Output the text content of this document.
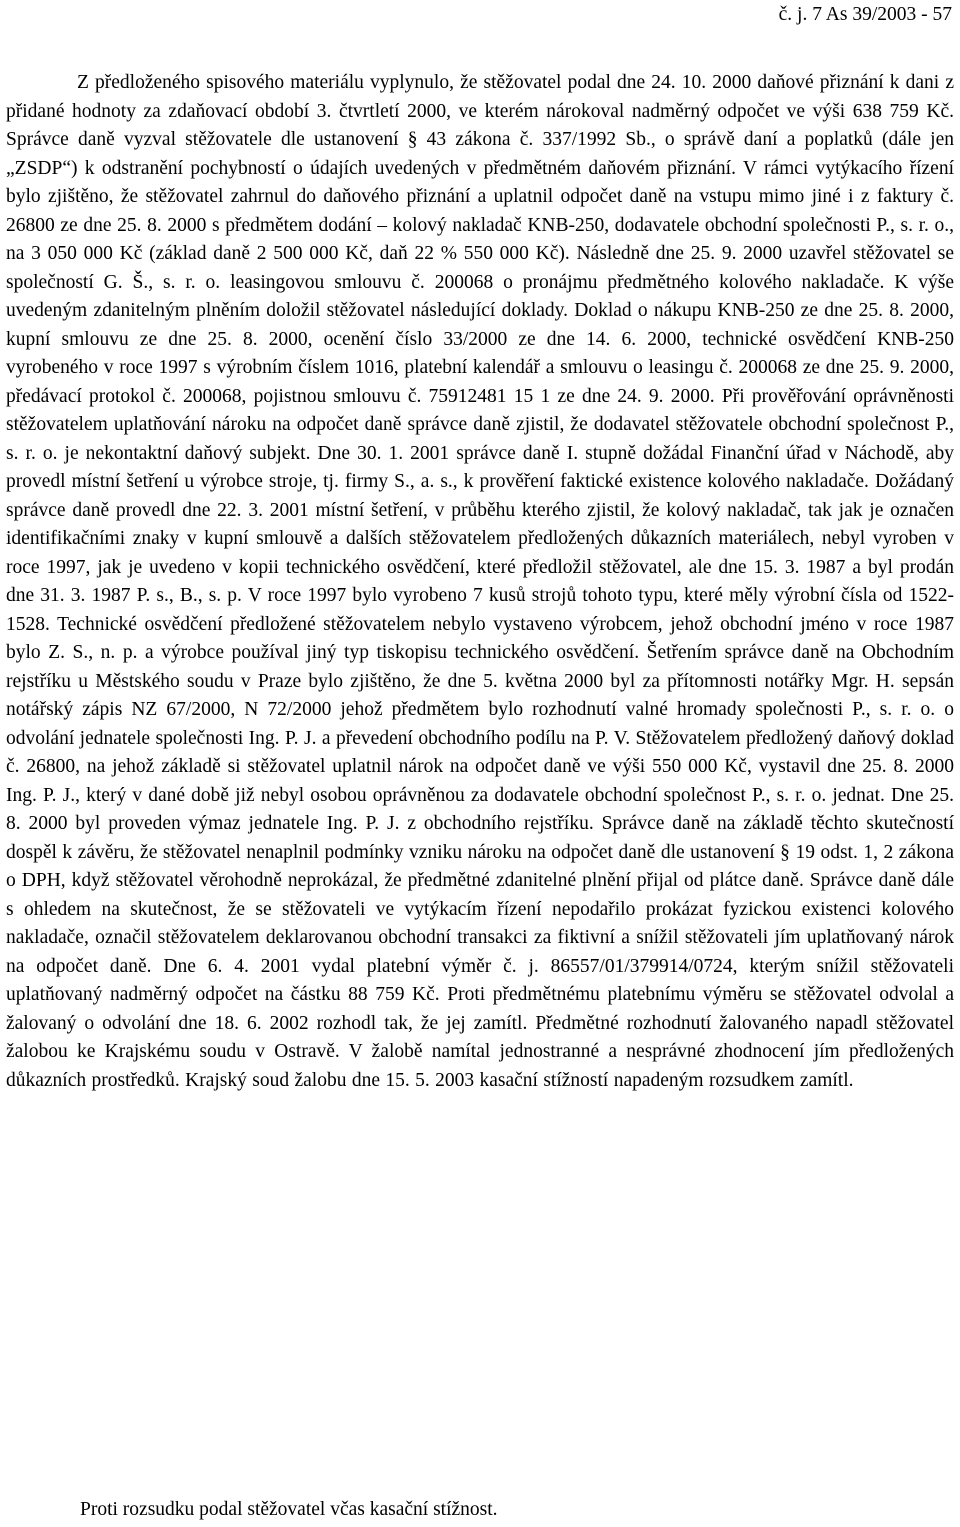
č. j. 7 As 39/2003 - 57

Z předloženého spisového materiálu vyplynulo, že stěžovatel podal dne 24. 10. 2000 daňové přiznání k dani z přidané hodnoty za zdaňovací období 3. čtvrtletí 2000, ve kterém nárokoval nadměrný odpočet ve výši 638 759 Kč. Správce daně vyzval stěžovatele dle ustanovení § 43 zákona č. 337/1992 Sb., o správě daní a poplatků (dále jen „ZSDP“) k odstranění pochybností o údajích uvedených v předmětném daňovém přiznání. V rámci vytýkacího řízení bylo zjištěno, že stěžovatel zahrnul do daňového přiznání a uplatnil odpočet daně na vstupu mimo jiné i z faktury č. 26800 ze dne 25. 8. 2000 s předmětem dodání – kolový nakladač KNB-250, dodavatele obchodní společnosti P., s. r. o., na 3 050 000 Kč (základ daně 2 500 000 Kč, daň 22 % 550 000 Kč). Následně dne 25. 9. 2000 uzavřel stěžovatel se společností G. Š., s. r. o. leasingovou smlouvu č. 200068 o pronájmu předmětného kolového nakladače. K výše uvedeným zdanitelným plněním doložil stěžovatel následující doklady. Doklad o nákupu KNB-250 ze dne 25. 8. 2000, kupní smlouvu ze dne 25. 8. 2000, ocenění číslo 33/2000 ze dne 14. 6. 2000, technické osvědčení KNB-250 vyrobeného v roce 1997 s výrobním číslem 1016, platební kalendář a smlouvu o leasingu č. 200068 ze dne 25. 9. 2000, předávací protokol č. 200068, pojistnou smlouvu č. 75912481 15 1 ze dne 24. 9. 2000. Při prověřování oprávněnosti stěžovatelem uplatňování nároku na odpočet daně správce daně zjistil, že dodavatel stěžovatele obchodní společnost P., s. r. o. je nekontaktní daňový subjekt. Dne 30. 1. 2001 správce daně I. stupně dožádal Finanční úřad v Náchodě, aby provedl místní šetření u výrobce stroje, tj. firmy S., a. s., k prověření faktické existence kolového nakladače. Dožádaný správce daně provedl dne 22. 3. 2001 místní šetření, v průběhu kterého zjistil, že kolový nakladač, tak jak je označen identifikačními znaky v kupní smlouvě a dalších stěžovatelem předložených důkazních materiálech, nebyl vyroben v roce 1997, jak je uvedeno v kopii technického osvědčení, které předložil stěžovatel, ale dne 15. 3. 1987 a byl prodán dne 31. 3. 1987 P. s., B., s. p. V roce 1997 bylo vyrobeno 7 kusů strojů tohoto typu, které měly výrobní čísla od 1522-1528. Technické osvědčení předložené stěžovatelem nebylo vystaveno výrobcem, jehož obchodní jméno v roce 1987 bylo Z. S., n. p. a výrobce používal jiný typ tiskopisu technického osvědčení. Šetřením správce daně na Obchodním rejstříku u Městského soudu v Praze bylo zjištěno, že dne 5. května 2000 byl za přítomnosti notářky Mgr. H. sepsán notářský zápis NZ 67/2000, N 72/2000 jehož předmětem bylo rozhodnutí valné hromady společnosti P., s. r. o. o odvolání jednatele společnosti Ing. P. J. a převedení obchodního podílu na P. V. Stěžovatelem předložený daňový doklad č. 26800, na jehož základě si stěžovatel uplatnil nárok na odpočet daně ve výši 550 000 Kč, vystavil dne 25. 8. 2000 Ing. P. J., který v dané době již nebyl osobou oprávněnou za dodavatele obchodní společnost P., s. r. o. jednat. Dne 25. 8. 2000 byl proveden výmaz jednatele Ing. P. J. z obchodního rejstříku. Správce daně na základě těchto skutečností dospěl k závěru, že stěžovatel nenaplnil podmínky vzniku nároku na odpočet daně dle ustanovení § 19 odst. 1, 2 zákona o DPH, když stěžovatel věrohodně neprokázal, že předmětné zdanitelné plnění přijal od plátce daně. Správce daně dále s ohledem na skutečnost, že se stěžovateli ve vytýkacím řízení nepodařilo prokázat fyzickou existenci kolového nakladače, označil stěžovatelem deklarovanou obchodní transakci za fiktivní a snížil stěžovateli jím uplatňovaný nárok na odpočet daně. Dne 6. 4. 2001 vydal platební výměr č. j. 86557/01/379914/0724, kterým snížil stěžovateli uplatňovaný nadměrný odpočet na částku 88 759 Kč. Proti předmětnému platebnímu výměru se stěžovatel odvolal a žalovaný o odvolání dne 18. 6. 2002 rozhodl tak, že jej zamítl. Předmětné rozhodnutí žalovaného napadl stěžovatel žalobou ke Krajskému soudu v Ostravě. V žalobě namítal jednostranné a nesprávné zhodnocení jím předložených důkazních prostředků. Krajský soud žalobu dne 15. 5. 2003 kasační stížností napadeným rozsudkem zamítl.

Proti rozsudku podal stěžovatel včas kasační stížnost.
